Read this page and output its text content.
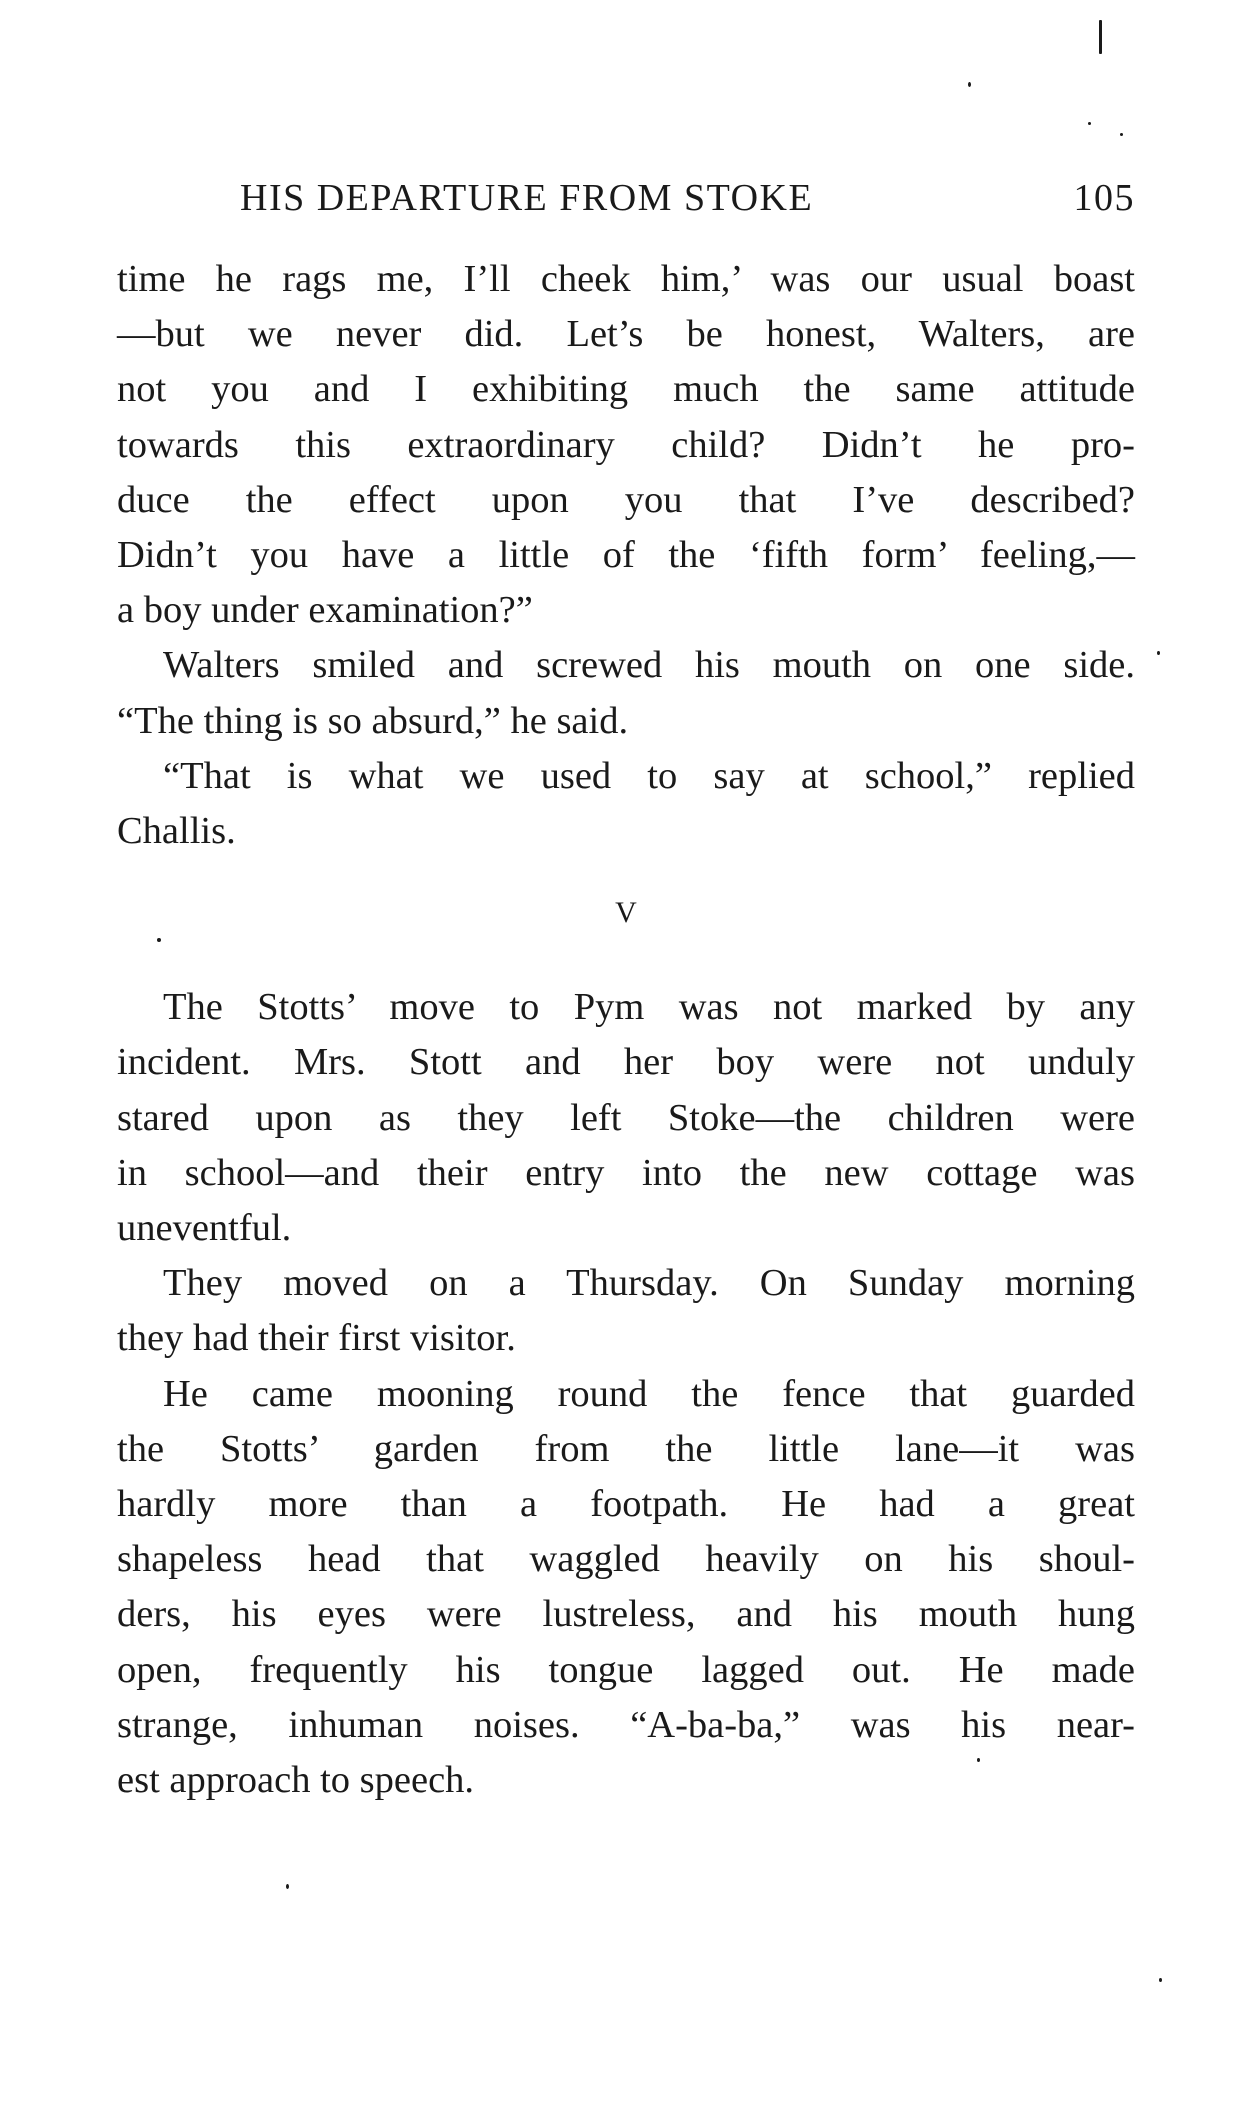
HIS DEPARTURE FROM STOKE	105
time he rags me, I’ll cheek him,’ was our usual boast
—but we never did. Let’s be honest, Walters, are
not you and I exhibiting much the same attitude
towards this extraordinary child? Didn’t he pro-
duce the effect upon you that I’ve described?
Didn’t you have a little of the ‘fifth form’ feeling,—
a boy under examination?”
Walters smiled and screwed his mouth on one side.
“The thing is so absurd,” he said.
“That is what we used to say at school,” replied
Challis.
V
The Stotts’ move to Pym was not marked by any
incident. Mrs. Stott and her boy were not unduly
stared upon as they left Stoke—the children were
in school—and their entry into the new cottage was
uneventful.
They moved on a Thursday. On Sunday morning
they had their first visitor.
He came mooning round the fence that guarded
the Stotts’ garden from the little lane—it was
hardly more than a footpath. He had a great
shapeless head that waggled heavily on his shoul-
ders, his eyes were lustreless, and his mouth hung
open, frequently his tongue lagged out. He made
strange, inhuman noises. “A-ba-ba,” was his near-
est approach to speech.
